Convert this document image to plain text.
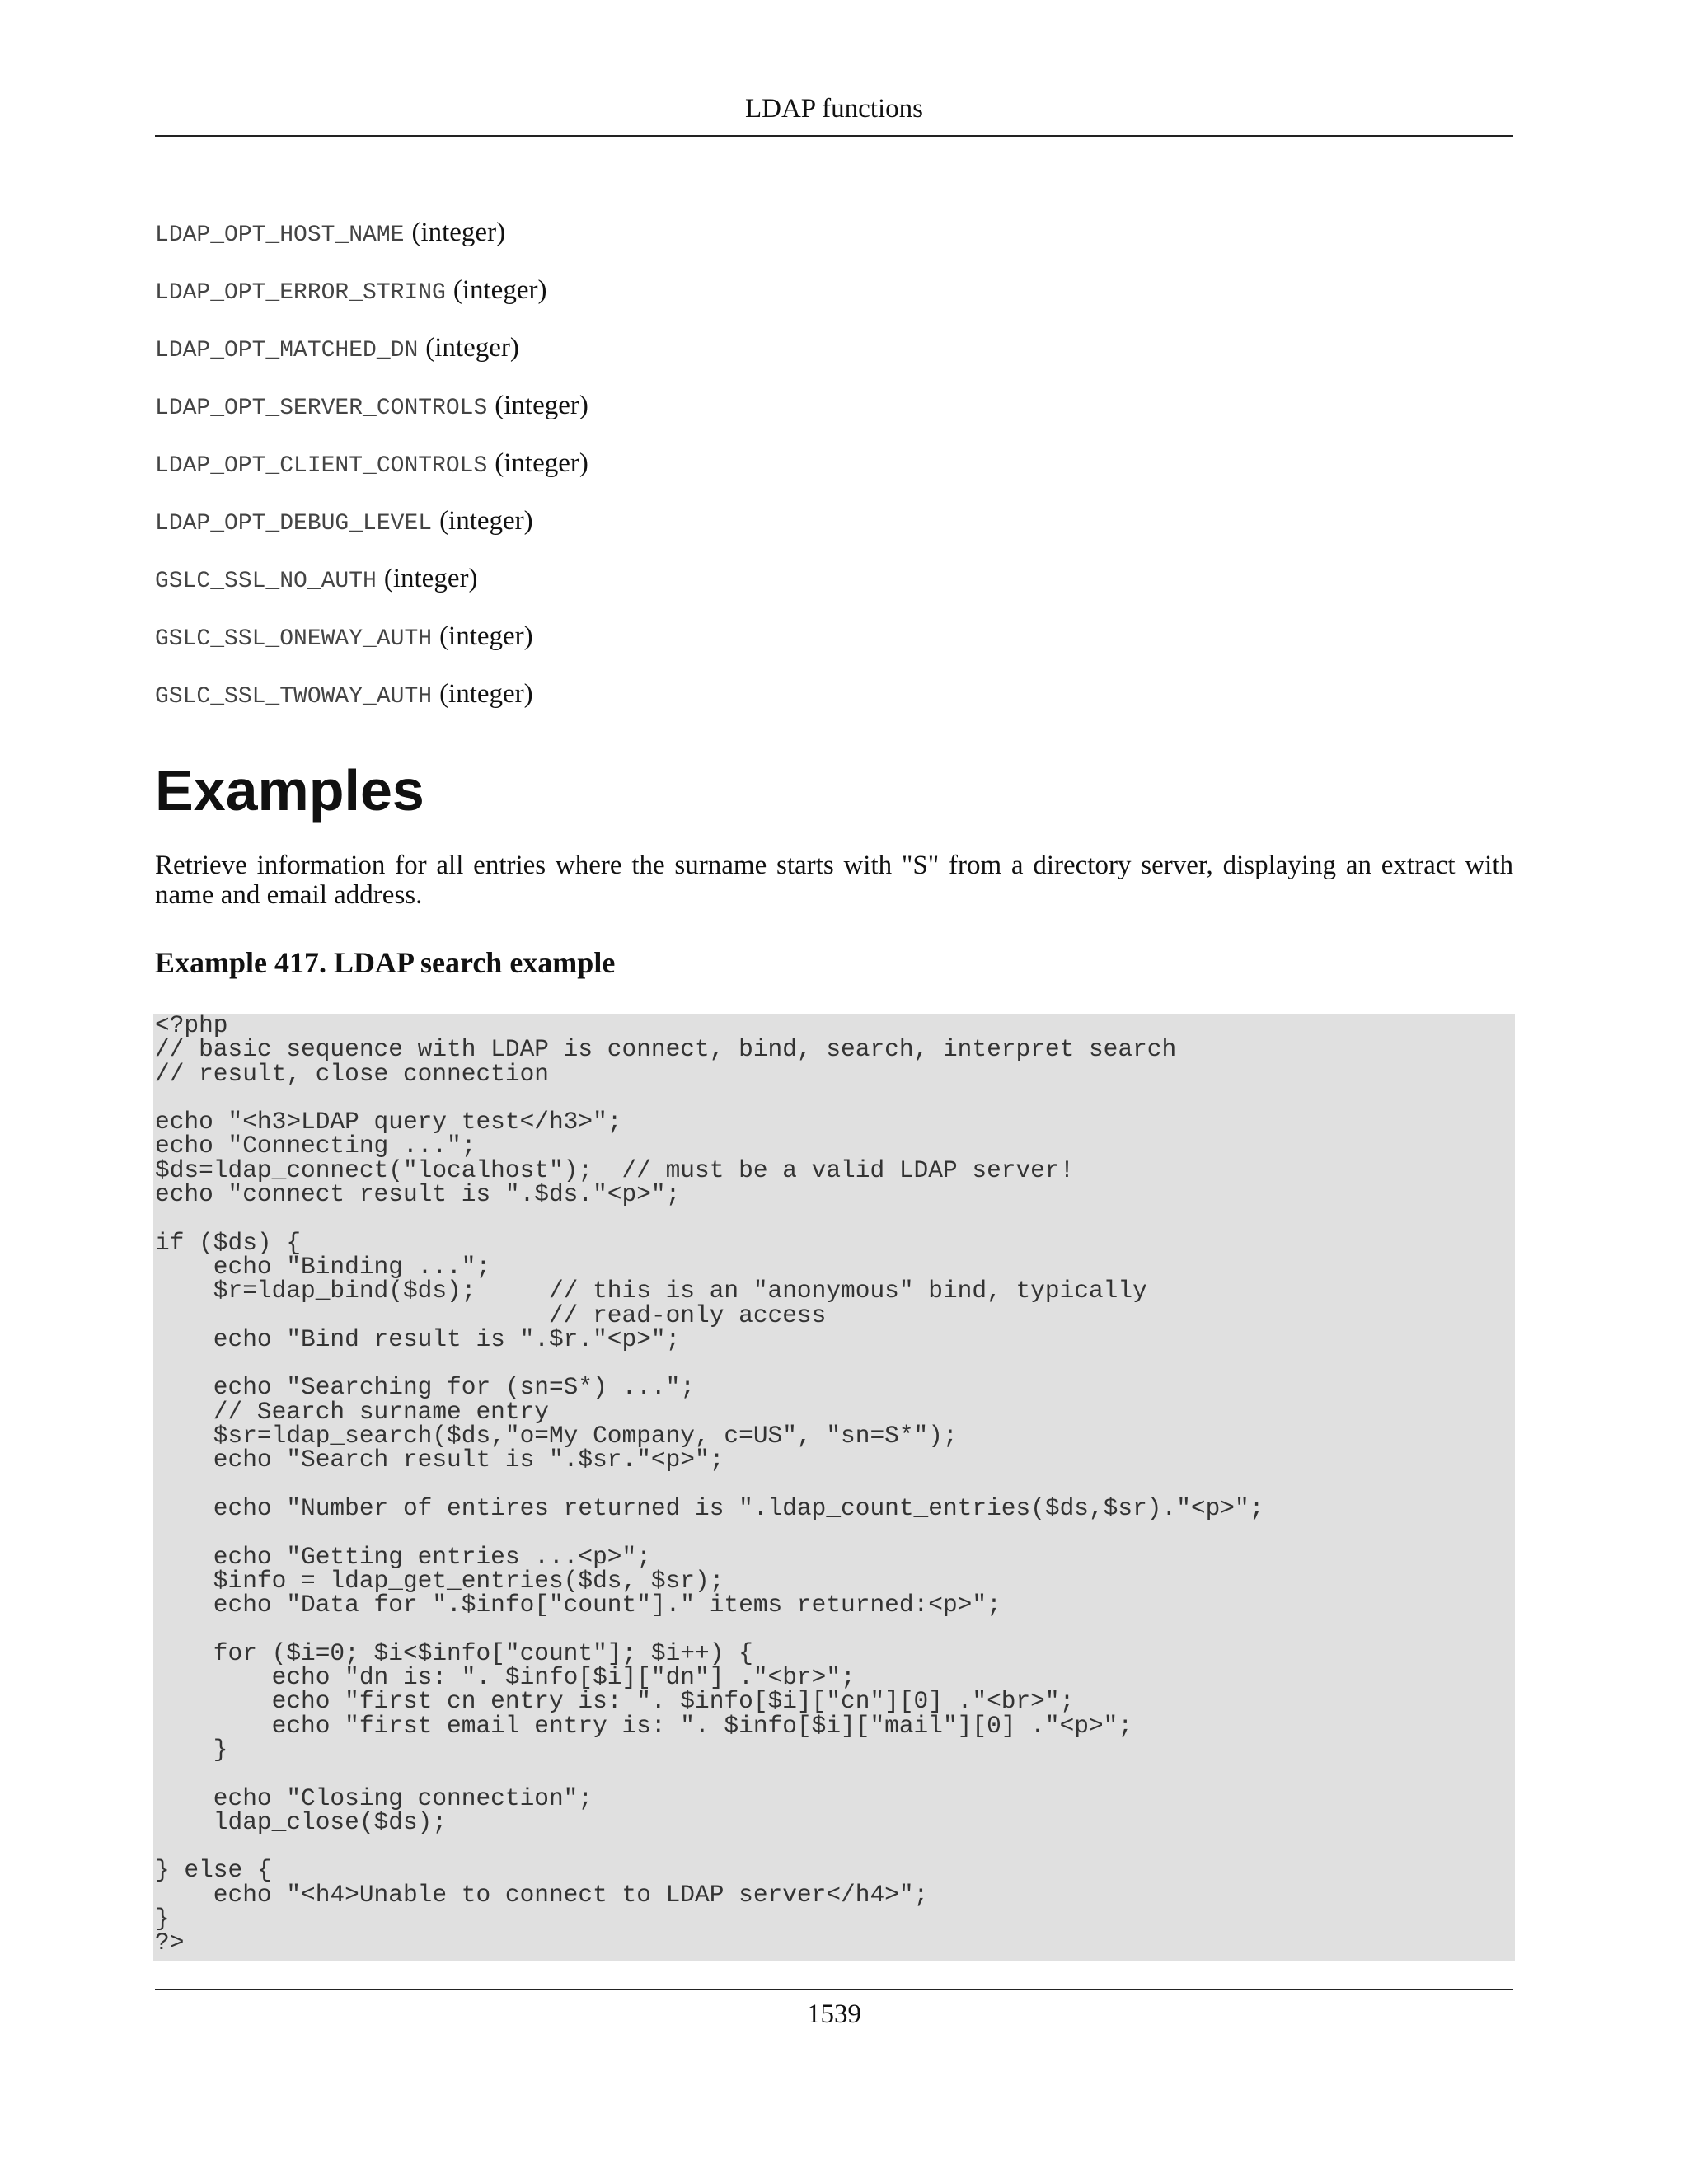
LDAP functions
LDAP_OPT_HOST_NAME (integer)
LDAP_OPT_ERROR_STRING (integer)
LDAP_OPT_MATCHED_DN (integer)
LDAP_OPT_SERVER_CONTROLS (integer)
LDAP_OPT_CLIENT_CONTROLS (integer)
LDAP_OPT_DEBUG_LEVEL (integer)
GSLC_SSL_NO_AUTH (integer)
GSLC_SSL_ONEWAY_AUTH (integer)
GSLC_SSL_TWOWAY_AUTH (integer)
Examples

Retrieve information for all entries where the surname starts with "S" from a directory server, displaying an extract with name and email address.

Example 417. LDAP search example
<?php
// basic sequence with LDAP is connect, bind, search, interpret search
// result, close connection

echo "<h3>LDAP query test</h3>";
echo "Connecting ...";
$ds=ldap_connect("localhost");  // must be a valid LDAP server!
echo "connect result is ".$ds."<p>";

if ($ds) {
echo "Binding ...";
$r=ldap_bind($ds);     // this is an "anonymous" bind, typically
// read-only access
echo "Bind result is ".$r."<p>";

echo "Searching for (sn=S*) ...";
// Search surname entry
$sr=ldap_search($ds,"o=My Company, c=US", "sn=S*");
echo "Search result is ".$sr."<p>";

echo "Number of entires returned is ".ldap_count_entries($ds,$sr)."<p>";

echo "Getting entries ...<p>";
$info = ldap_get_entries($ds, $sr);
echo "Data for ".$info["count"]." items returned:<p>";

for ($i=0; $i<$info["count"]; $i++) {
echo "dn is: ". $info[$i]["dn"] ."<br>";
echo "first cn entry is: ". $info[$i]["cn"][0] ."<br>";
echo "first email entry is: ". $info[$i]["mail"][0] ."<p>";
}

echo "Closing connection";
ldap_close($ds);

} else {
echo "<h4>Unable to connect to LDAP server</h4>";
}
?>
1539
